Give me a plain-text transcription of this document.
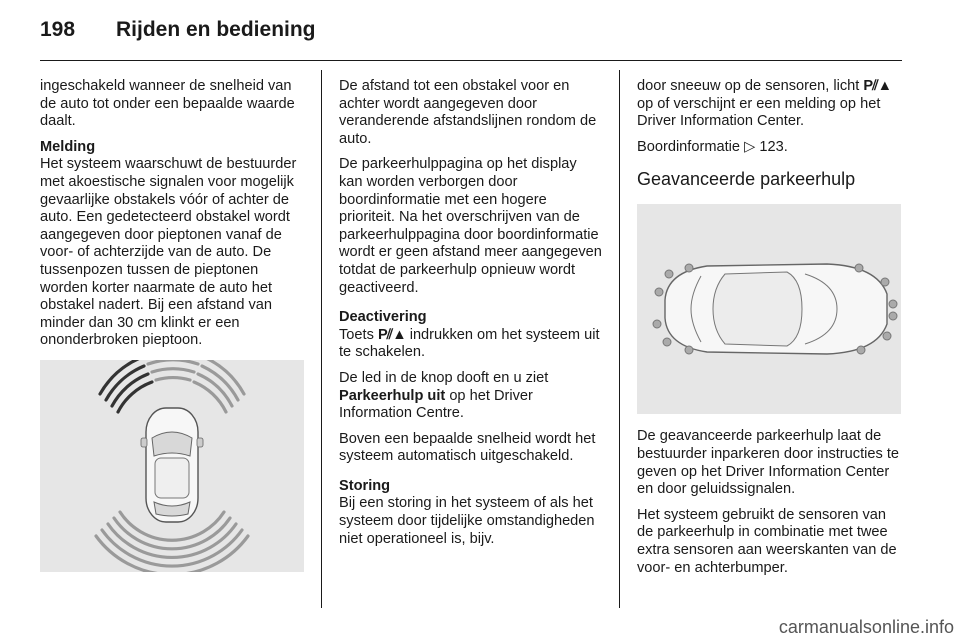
198 Rijden en bediening

ingeschakeld wanneer de snelheid van de auto tot onder een bepaalde waarde daalt.

Melding
Het systeem waarschuwt de bestuurder met akoestische signalen voor mogelijk gevaarlijke obstakels vóór of achter de auto. Een gedetecteerd obstakel wordt aangegeven door pieptonen vanaf de voor- of achterzijde van de auto. De tussenpozen tussen de pieptonen worden korter naarmate de auto het obstakel nadert. Bij een afstand van minder dan 30 cm klinkt er een ononderbroken pieptoon.

De afstand tot een obstakel voor en achter wordt aangegeven door veranderende afstandslijnen rondom de auto.

De parkeerhulppagina op het display kan worden verborgen door boordinformatie met een hogere prioriteit. Na het overschrijven van de parkeerhulppagina door boordinformatie wordt er geen afstand meer aangegeven totdat de parkeerhulp opnieuw wordt geactiveerd.

Deactivering
Toets P⫽▲ indrukken om het systeem uit te schakelen.

De led in de knop dooft en u ziet Parkeerhulp uit op het Driver Information Centre.

Boven een bepaalde snelheid wordt het systeem automatisch uitgeschakeld.

Storing
Bij een storing in het systeem of als het systeem door tijdelijke omstandigheden niet operationeel is, bijv.

door sneeuw op de sensoren, licht P⫽▲ op of verschijnt er een melding op het Driver Information Center.

Boordinformatie ▷ 123.

Geavanceerde parkeerhulp

De geavanceerde parkeerhulp laat de bestuurder inparkeren door instructies te geven op het Driver Information Center en door geluidssignalen.

Het systeem gebruikt de sensoren van de parkeerhulp in combinatie met twee extra sensoren aan weerskanten van de voor- en achterbumper.

carmanualsonline.info
